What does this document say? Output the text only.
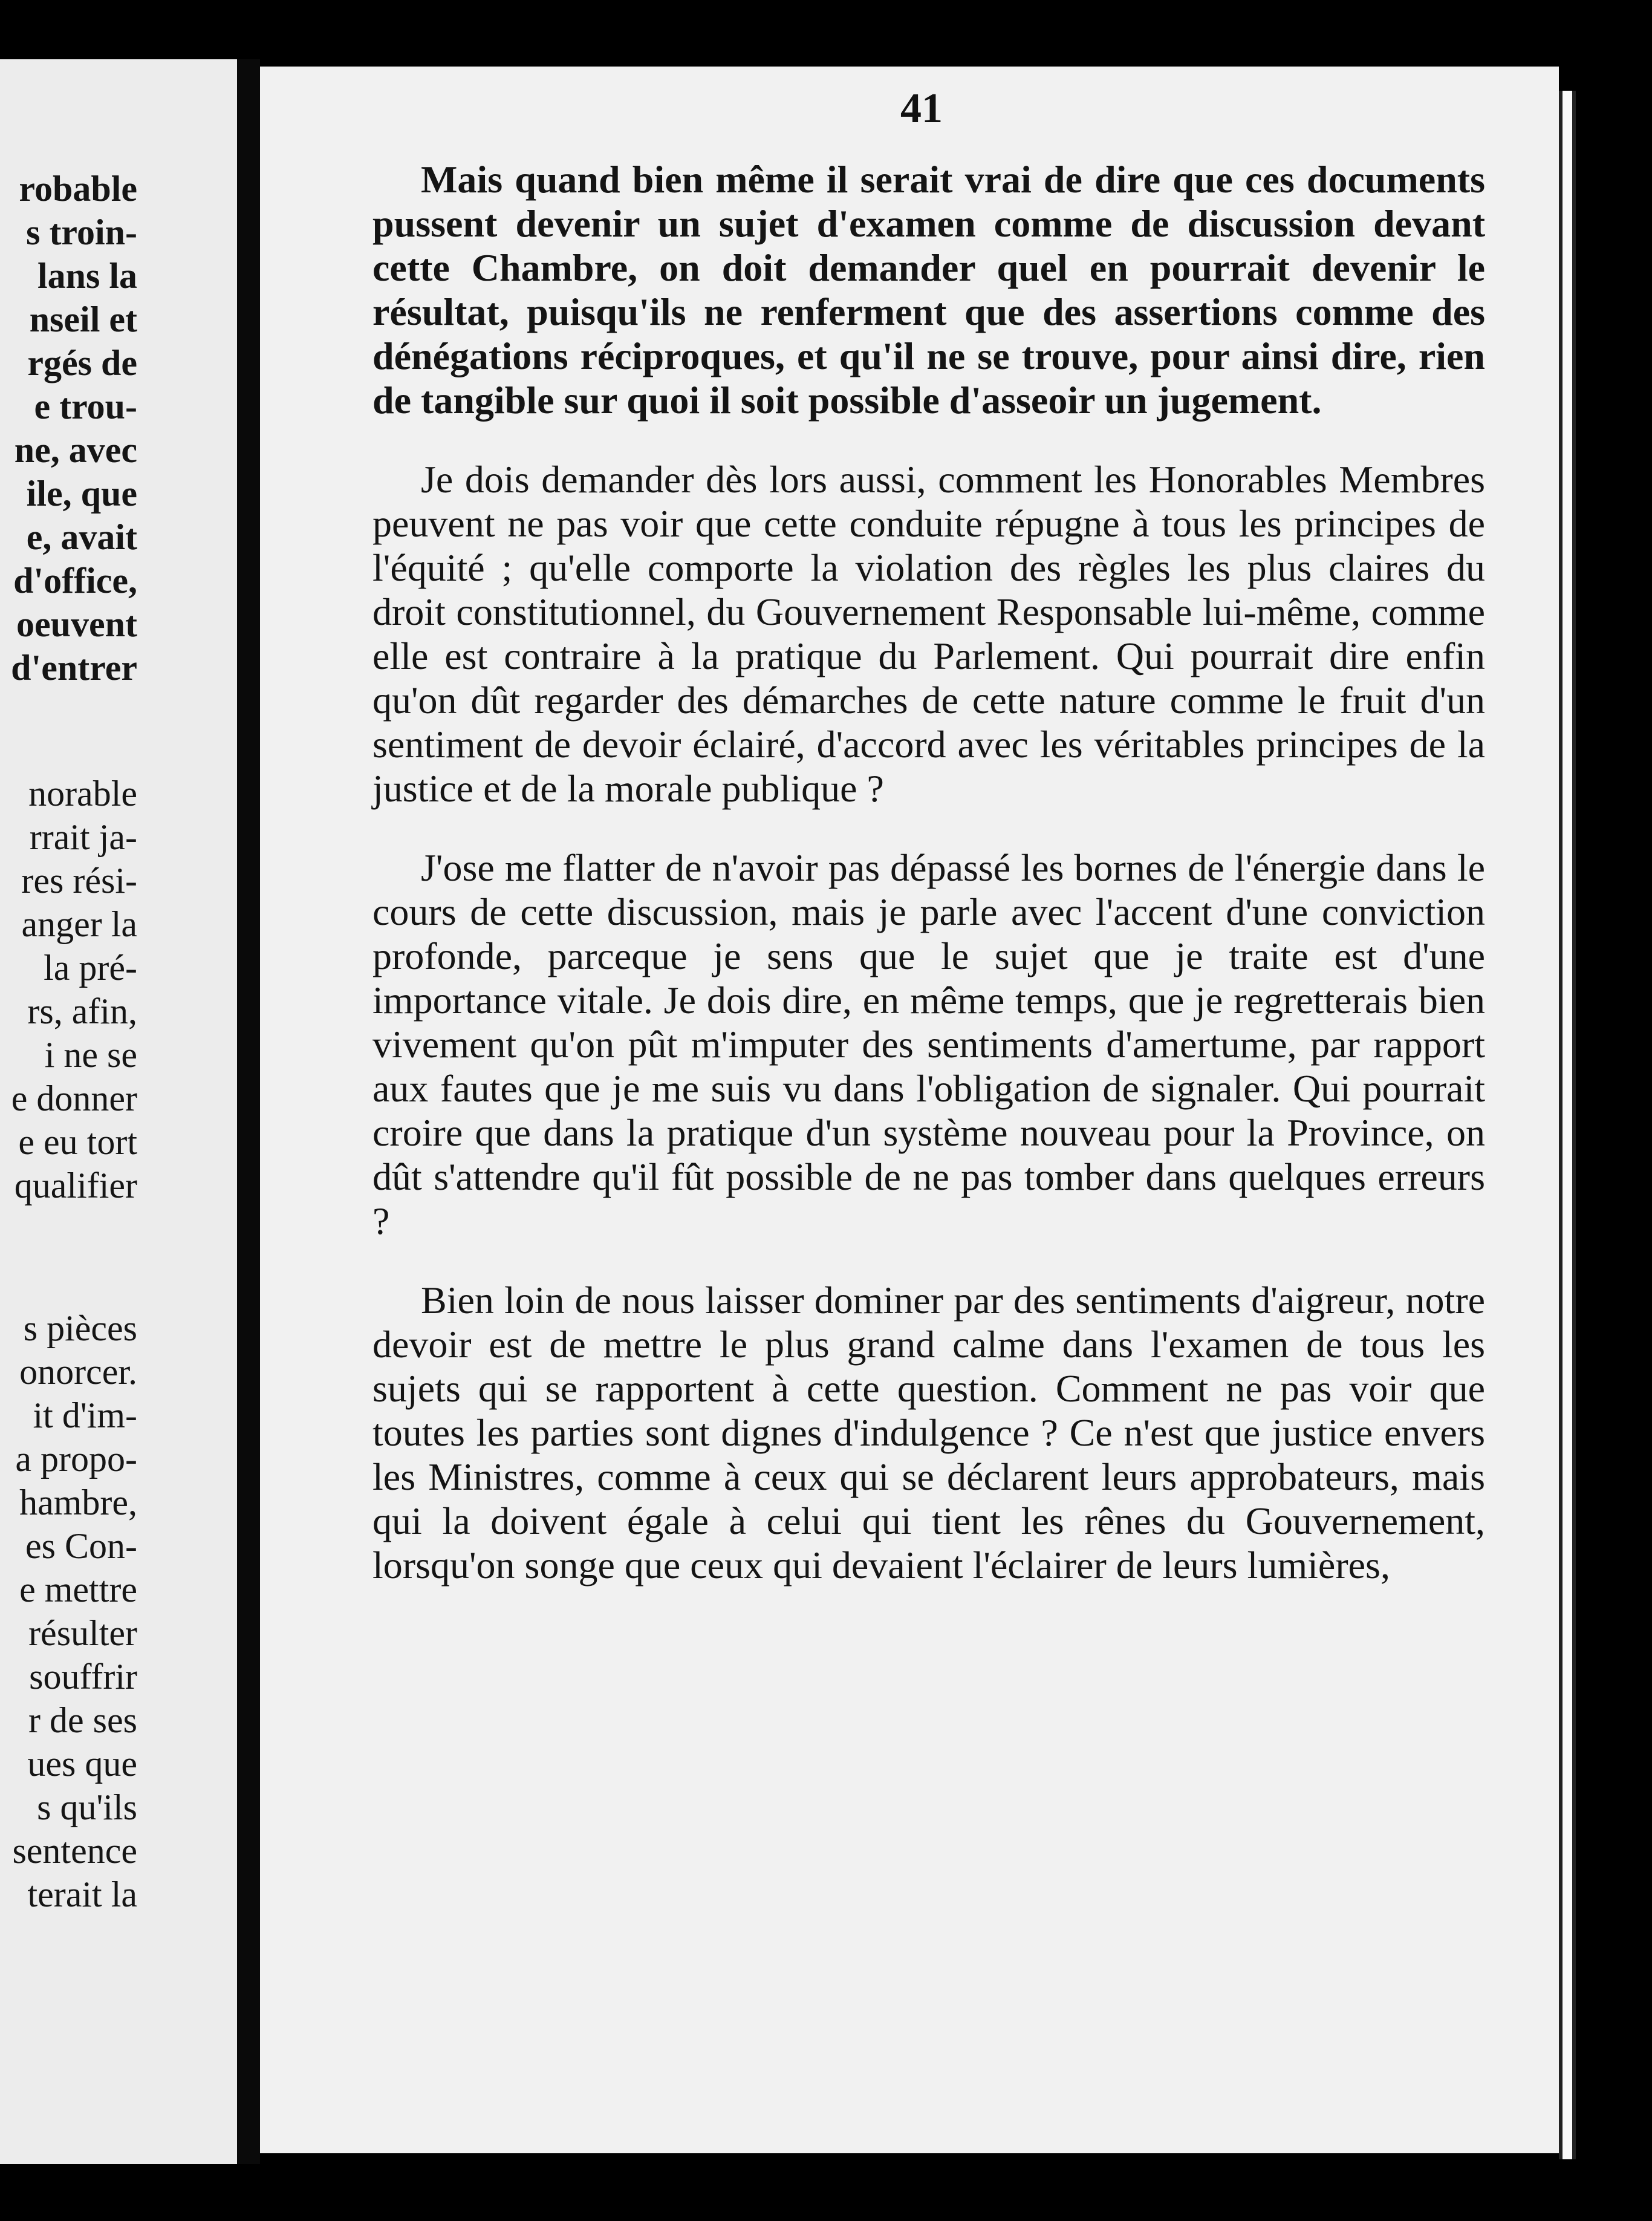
robable
s troin-
lans la
nseil et
rgés de
e trou-
ne, avec
ile, que
e, avait
d'office,
oeuvent
d'entrer
norable
rrait ja-
res rési-
anger la
la pré-
rs, afin,
i ne se
e donner
e eu tort
qualifier
s pièces
onorcer.
it d'im-
a propo-
hambre,
es Con-
e mettre
résulter
souffrir
r de ses
ues que
s qu'ils
sentence
terait la
41

Mais quand bien même il serait vrai de dire que ces documents pussent devenir un sujet d'examen comme de discussion devant cette Chambre, on doit demander quel en pourrait devenir le résultat, puisqu'ils ne renferment que des assertions comme des dénégations réciproques, et qu'il ne se trouve, pour ainsi dire, rien de tangible sur quoi il soit possible d'asseoir un jugement.

Je dois demander dès lors aussi, comment les Honorables Membres peuvent ne pas voir que cette conduite répugne à tous les principes de l'équité ; qu'elle comporte la violation des règles les plus claires du droit constitutionnel, du Gouvernement Responsable lui-même, comme elle est contraire à la pratique du Parlement. Qui pourrait dire enfin qu'on dût regarder des démarches de cette nature comme le fruit d'un sentiment de devoir éclairé, d'accord avec les véritables principes de la justice et de la morale publique ?

J'ose me flatter de n'avoir pas dépassé les bornes de l'énergie dans le cours de cette discussion, mais je parle avec l'accent d'une conviction profonde, parceque je sens que le sujet que je traite est d'une importance vitale. Je dois dire, en même temps, que je regretterais bien vivement qu'on pût m'imputer des sentiments d'amertume, par rapport aux fautes que je me suis vu dans l'obligation de signaler. Qui pourrait croire que dans la pratique d'un système nouveau pour la Province, on dût s'attendre qu'il fût possible de ne pas tomber dans quelques erreurs ?

Bien loin de nous laisser dominer par des sentiments d'aigreur, notre devoir est de mettre le plus grand calme dans l'examen de tous les sujets qui se rapportent à cette question. Comment ne pas voir que toutes les parties sont dignes d'indulgence ? Ce n'est que justice envers les Ministres, comme à ceux qui se déclarent leurs approbateurs, mais qui la doivent égale à celui qui tient les rênes du Gouvernement, lorsqu'on songe que ceux qui devaient l'éclairer de leurs lumières,
